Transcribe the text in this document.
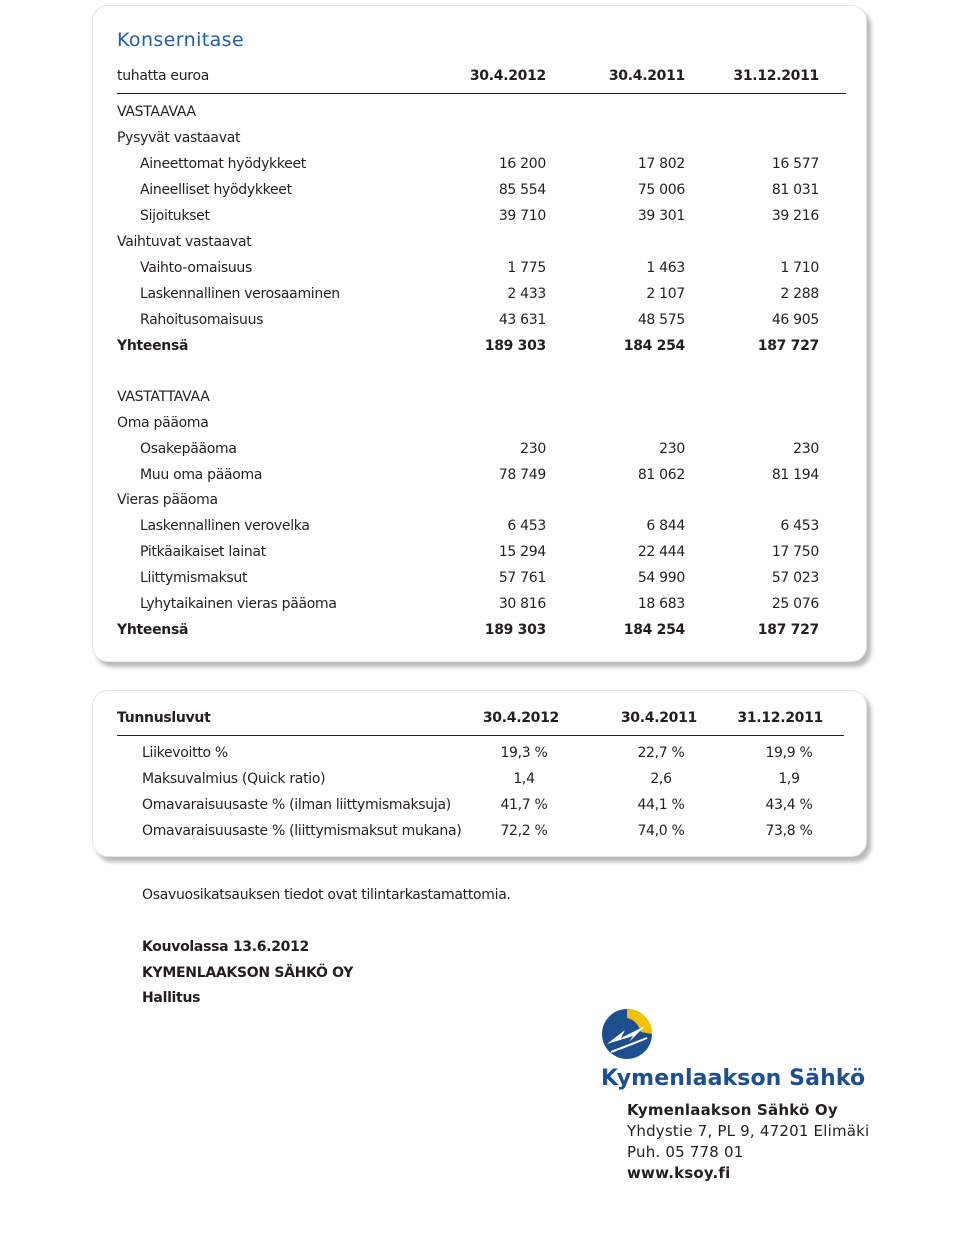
Konsernitase
tuhatta euroa	30.4.2012	30.4.2011	31.12.2011
VASTAAVAA
Pysyvät vastaavat
Aineettomat hyödykkeet	16 200	17 802	16 577
Aineelliset hyödykkeet	85 554	75 006	81 031
Sijoitukset	39 710	39 301	39 216
Vaihtuvat vastaavat
Vaihto-omaisuus	1 775	1 463	1 710
Laskennallinen verosaaminen	2 433	2 107	2 288
Rahoitusomaisuus	43 631	48 575	46 905
Yhteensä	189 303	184 254	187 727
VASTATTAVAA
Oma pääoma
Osakepääoma	230	230	230
Muu oma pääoma	78 749	81 062	81 194
Vieras pääoma
Laskennallinen verovelka	6 453	6 844	6 453
Pitkäaikaiset lainat	15 294	22 444	17 750
Liittymismaksut	57 761	54 990	57 023
Lyhytaikainen vieras pääoma	30 816	18 683	25 076
Yhteensä	189 303	184 254	187 727
Tunnusluvut	30.4.2012	30.4.2011	31.12.2011
Liikevoitto %	19,3 %	22,7 %	19,9 %
Maksuvalmius (Quick ratio)	1,4	2,6	1,9
Omavaraisuusaste % (ilman liittymismaksuja)	41,7 %	44,1 %	43,4 %
Omavaraisuusaste % (liittymismaksut mukana)	72,2 %	74,0 %	73,8 %
Osavuosikatsauksen tiedot ovat tilintarkastamattomia.
Kouvolassa 13.6.2012
KYMENLAAKSON SÄHKÖ OY
Hallitus
Kymenlaakson Sähkö
Kymenlaakson Sähkö Oy
Yhdystie 7, PL 9, 47201 Elimäki
Puh. 05 778 01
www.ksoy.fi
